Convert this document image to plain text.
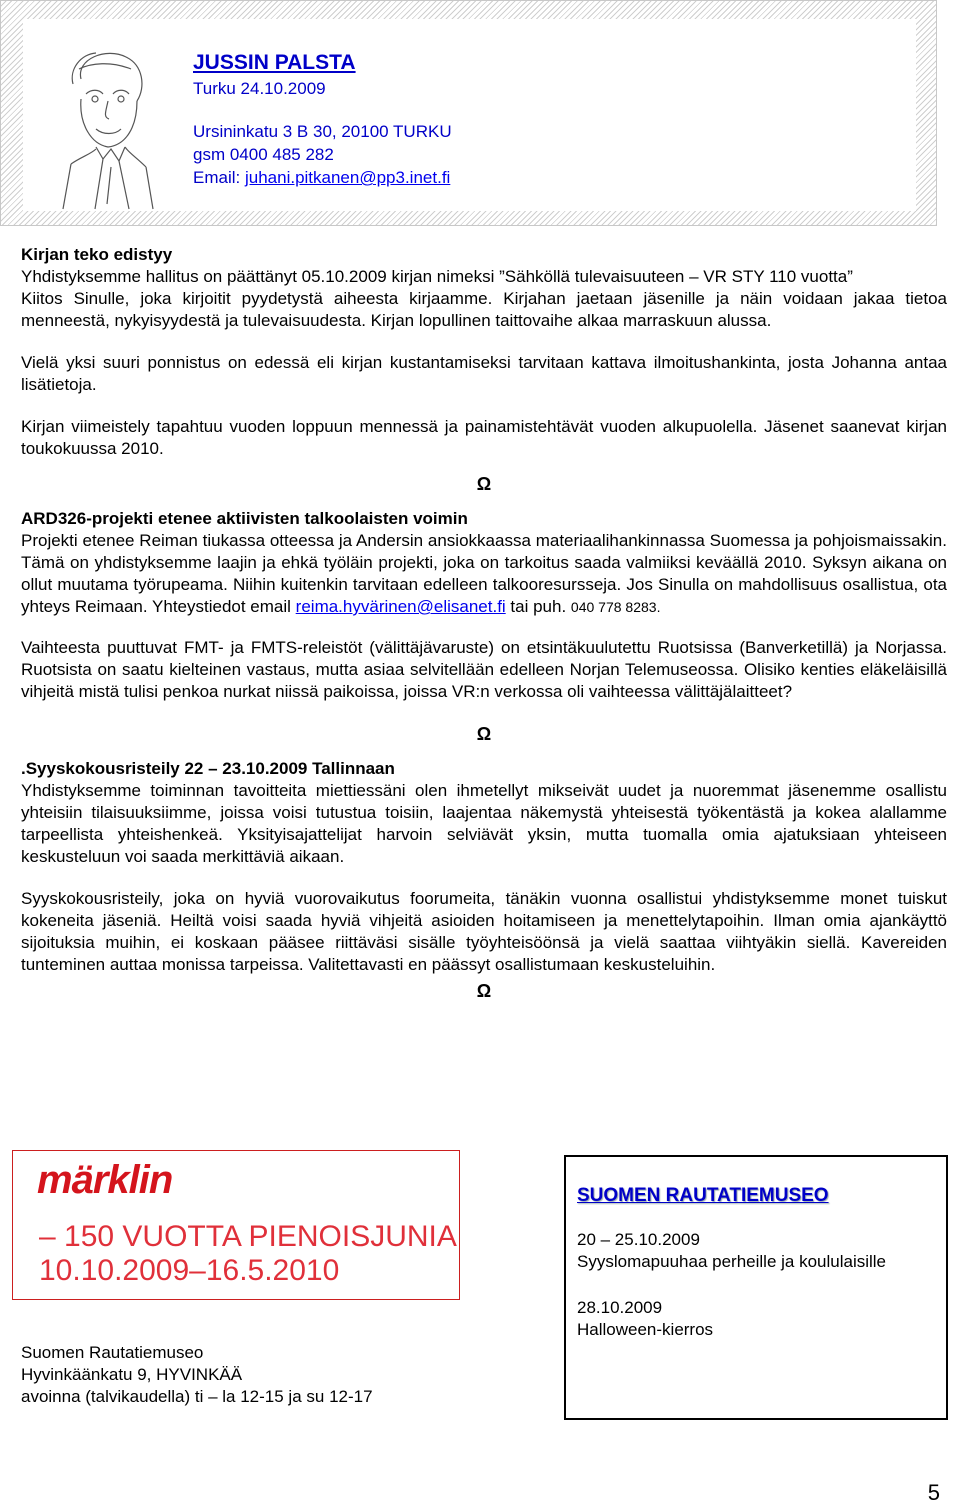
JUSSIN PALSTA
Turku 24.10.2009
Ursininkatu 3 B 30, 20100 TURKU
gsm 0400 485 282
Email: juhani.pitkanen@pp3.inet.fi
Kirjan teko edistyy

Yhdistyksemme hallitus on päättänyt 05.10.2009 kirjan nimeksi ”Sähköllä tulevaisuuteen – VR STY 110 vuotta”

Kiitos Sinulle, joka kirjoitit pyydetystä aiheesta kirjaamme. Kirjahan jaetaan jäsenille ja näin voidaan jakaa tietoa menneestä, nykyisyydestä ja tulevaisuudesta. Kirjan lopullinen taittovaihe alkaa marraskuun alussa.

Vielä yksi suuri ponnistus on edessä eli kirjan kustantamiseksi tarvitaan kattava ilmoitushankinta, josta Johanna antaa lisätietoja.

Kirjan viimeistely tapahtuu vuoden loppuun mennessä ja painamistehtävät vuoden alkupuolella. Jäsenet saanevat kirjan toukokuussa 2010.

Ω
ARD326-projekti etenee aktiivisten talkoolaisten voimin

Projekti etenee Reiman tiukassa otteessa ja Andersin ansiokkaassa materiaalihankinnassa Suomessa ja pohjoismaissakin. Tämä on yhdistyksemme laajin ja ehkä työläin projekti, joka on tarkoitus saada valmiiksi keväällä 2010. Syksyn aikana on ollut muutama työrupeama. Niihin kuitenkin tarvitaan edelleen talkooresursseja. Jos Sinulla on mahdollisuus osallistua, ota yhteys Reimaan. Yhteystiedot email reima.hyvärinen@elisanet.fi tai puh. 040 778 8283.

Vaihteesta puuttuvat FMT- ja FMTS-releistöt (välittäjävaruste) on etsintäkuulutettu Ruotsissa (Banverketillä) ja Norjassa. Ruotsista on saatu kielteinen vastaus, mutta asiaa selvitellään edelleen Norjan Telemuseossa. Olisiko kenties eläkeläisillä vihjeitä mistä tulisi penkoa nurkat niissä paikoissa, joissa VR:n verkossa oli vaihteessa välittäjälaitteet?

Ω
.Syyskokousristeily 22 – 23.10.2009 Tallinnaan

Yhdistyksemme toiminnan tavoitteita miettiessäni olen ihmetellyt mikseivät uudet ja nuoremmat jäsenemme osallistu yhteisiin tilaisuuksiimme, joissa voisi tutustua toisiin, laajentaa näkemystä yhteisestä työkentästä ja kokea alallamme tarpeellista yhteishenkeä. Yksityisajattelijat harvoin selviävät yksin, mutta tuomalla omia ajatuksiaan yhteiseen keskusteluun voi saada merkittäviä aikaan.

Syyskokousristeily, joka on hyviä vuorovaikutus foorumeita, tänäkin vuonna osallistui yhdistyksemme monet tuiskut kokeneita jäseniä. Heiltä voisi saada hyviä vihjeitä asioiden hoitamiseen ja menettelytapoihin. Ilman omia ajankäyttö sijoituksia muihin, ei koskaan pääsee riittäväsi sisälle työyhteisöönsä ja vielä saattaa viihtyäkin siellä. Kavereiden tunteminen auttaa monissa tarpeissa. Valitettavasti en päässyt osallistumaan keskusteluihin.

Ω
märklin
– 150 VUOTTA PIENOISJUNIA
10.10.2009–16.5.2010
SUOMEN RAUTATIEMUSEO
20 – 25.10.2009
Syyslomapuuhaa perheille ja koululaisille
28.10.2009
Halloween-kierros
Suomen Rautatiemuseo
Hyvinkäänkatu 9, HYVINKÄÄ
avoinna (talvikaudella) ti – la 12-15 ja su 12-17
5
